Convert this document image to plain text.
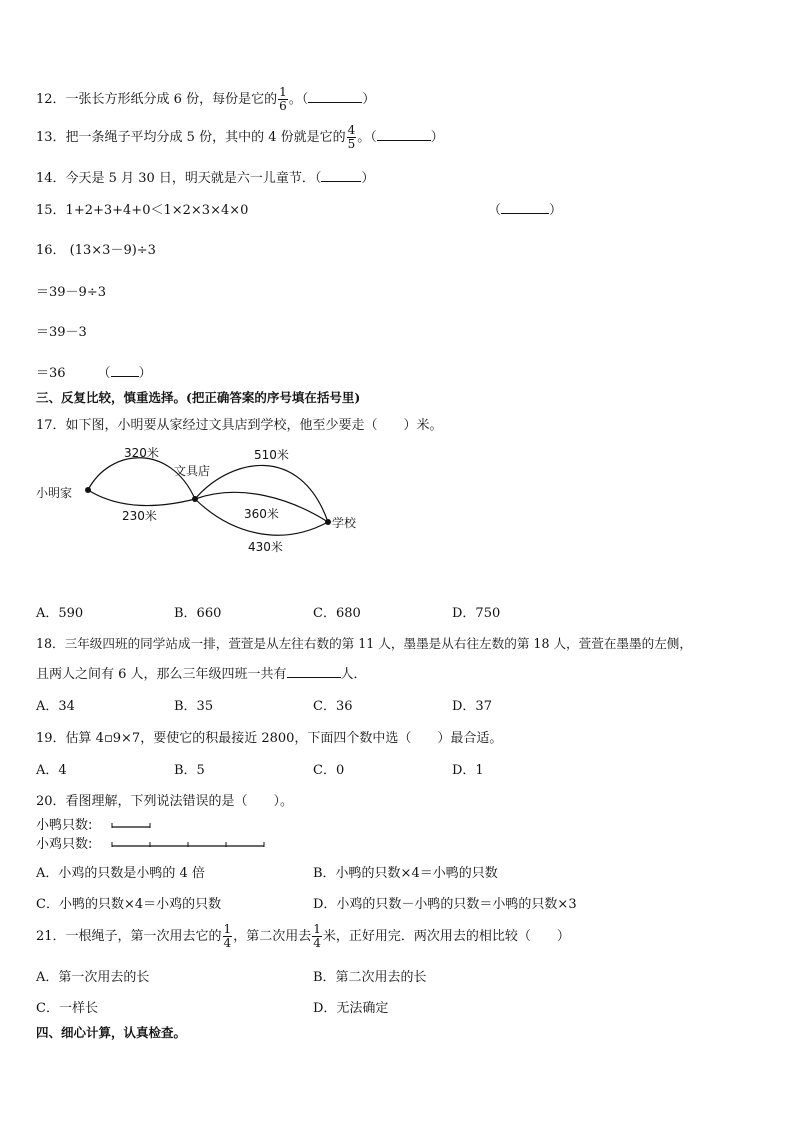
12．一张长方形纸分成 6 份，每份是它的 $\frac{1}{6}$ 。（	）
13．把一条绳子平均分成 5 份，其中的 4 份就是它的 $\frac{4}{5}$ 。（	）
14．今天是 5 月 30 日，明天就是六一儿童节．（	）
15．1+2+3+4+0＜1×2×3×4×0	（	）
16． (13×3－9)÷3
＝39－9÷3
＝39－3
＝36 （ ）
三、反复比较，慎重选择。(把正确答案的序号填在括号里)
17．如下图，小明要从家经过文具店到学校，他至少要走（　　）米。
小明家
文具店
学校
320米
230米
510米
360米
430米
A．590	B．660	C．680	D．750
18．三年级四班的同学站成一排，萱萱是从左往右数的第 11 人，墨墨是从右往左数的第 18 人，萱萱在墨墨的左侧，
且两人之间有 6 人，那么三年级四班一共有	人．
A．34	B．35	C．36	D．37
19．估算 4▫9×7，要使它的积最接近 2800，下面四个数中选（　　）最合适。
A．4	B．5	C．0	D．1
20．看图理解，下列说法错误的是（　　）。
小鸭只数:
小鸡只数:
A．小鸡的只数是小鸭的 4 倍	B．小鸭的只数×4＝小鸭的只数
C．小鸭的只数×4＝小鸡的只数	D．小鸡的只数－小鸭的只数＝小鸭的只数×3
21．一根绳子，第一次用去它的 $\frac{1}{4}$ ，第二次用去 $\frac{1}{4}$ 米，正好用完．两次用去的相比较（　　）
A．第一次用去的长	B．第二次用去的长
C．一样长	D．无法确定
四、细心计算，认真检查。
